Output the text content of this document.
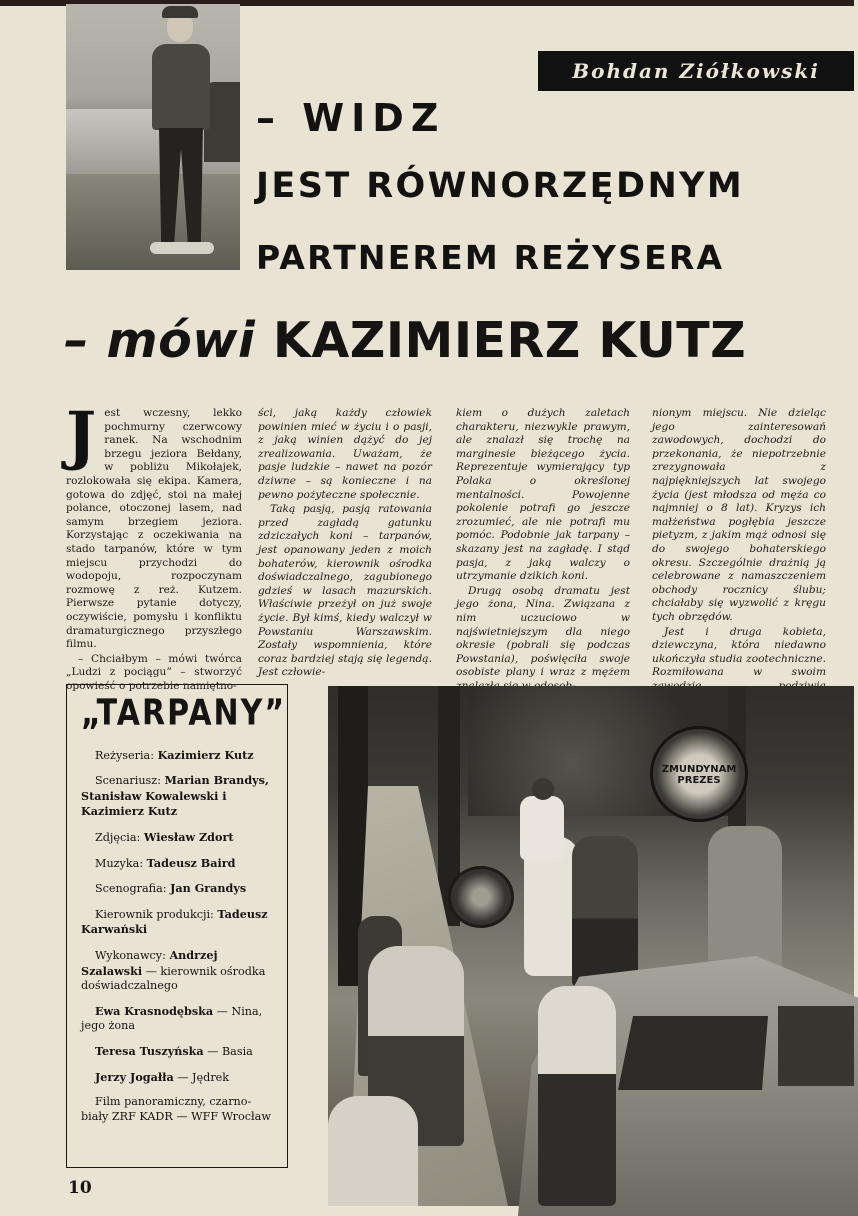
Bohdan Ziółkowski
– WIDZ
JEST RÓWNORZĘDNYM
PARTNEREM REŻYSERA
– mówi KAZIMIERZ KUTZ
J est wczesny, lekko pochmurny czerwcowy ranek. Na wschodnim brzegu jeziora Bełdany, w pobliżu Mikołajek, rozlokowała się ekipa. Kamera, gotowa do zdjęć, stoi na małej polance, otoczonej lasem, nad samym brzegiem jeziora. Korzystając z oczekiwania na stado tarpanów, które w tym miejscu przychodzi do wodopoju, rozpoczynam rozmowę z reż. Kutzem. Pierwsze pytanie dotyczy, oczywiście, pomysłu i konfliktu dramaturgicznego przyszłego filmu.

– Chciałbym – mówi twórca „Ludzi z pociągu” – stworzyć opowieść o potrzebie namiętno-

ści, jaką każdy człowiek powinien mieć w życiu i o pasji, z jaką winien dążyć do jej zrealizowania. Uważam, że pasje ludzkie – nawet na pozór dziwne – są konieczne i na pewno pożyteczne społecznie.

Taką pasją, pasją ratowania przed zagładą gatunku zdziczałych koni – tarpanów, jest opanowany jeden z moich bohaterów, kierownik ośrodka doświadczalnego, zagubionego gdzieś w lasach mazurskich. Właściwie przeżył on już swoje życie. Był kimś, kiedy walczył w Powstaniu Warszawskim. Zostały wspomnienia, które coraz bardziej stają się legendą. Jest człowie-

kiem o dużych zaletach charakteru, niezwykle prawym, ale znalazł się trochę na marginesie bieżącego życia. Reprezentuje wymierający typ Polaka o określonej mentalności. Powojenne pokolenie potrafi go jeszcze zrozumieć, ale nie potrafi mu pomóc. Podobnie jak tarpany – skazany jest na zagładę. I stąd pasja, z jaką walczy o utrzymanie dzikich koni.

Drugą osobą dramatu jest jego żona, Nina. Związana z nim uczuciowo w najświetniejszym dla niego okresie (pobrali się podczas Powstania), poświęciła swoje osobiste plany i wraz z mężem

nionym miejscu. Nie dzieląc jego zainteresowań zawodowych, dochodzi do przekonania, że niepotrzebnie zrezygnowała z najpiękniejszych lat swojego życia (jest młodsza od męża co najmniej o 8 lat). Kryzys ich małżeństwa pogłębia jeszcze pietyzm, z jakim mąż odnosi się do swojego bohaterskiego okresu. Szczególnie drażnią ją celebrowane z namaszczeniem obchody rocznicy ślubu; chciałaby się wyzwolić z kręgu tych obrzędów.

Jest i druga kobieta, dziewczyna, która niedawno ukończyła studia zootechniczne. Rozmiłowana w swoim

„TARPANY”
Reżyseria: Kazimierz Kutz
Scenariusz: Marian Brandys, Stanisław Kowalewski i Kazimierz Kutz
Zdjęcia: Wiesław Zdort
Muzyka: Tadeusz Baird
Scenografia: Jan Grandys
Kierownik produkcji: Tadeusz Karwański
Wykonawcy: Andrzej Szalawski — kierownik ośrodka doświadczalnego
Ewa Krasnodębska — Nina, jego żona
Teresa Tuszyńska — Basia
Jerzy Jogałła — Jędrek
Film panoramiczny, czarno-biały ZRF KADR — WFF Wrocław
10
ZMUNDYNAM PREZES
